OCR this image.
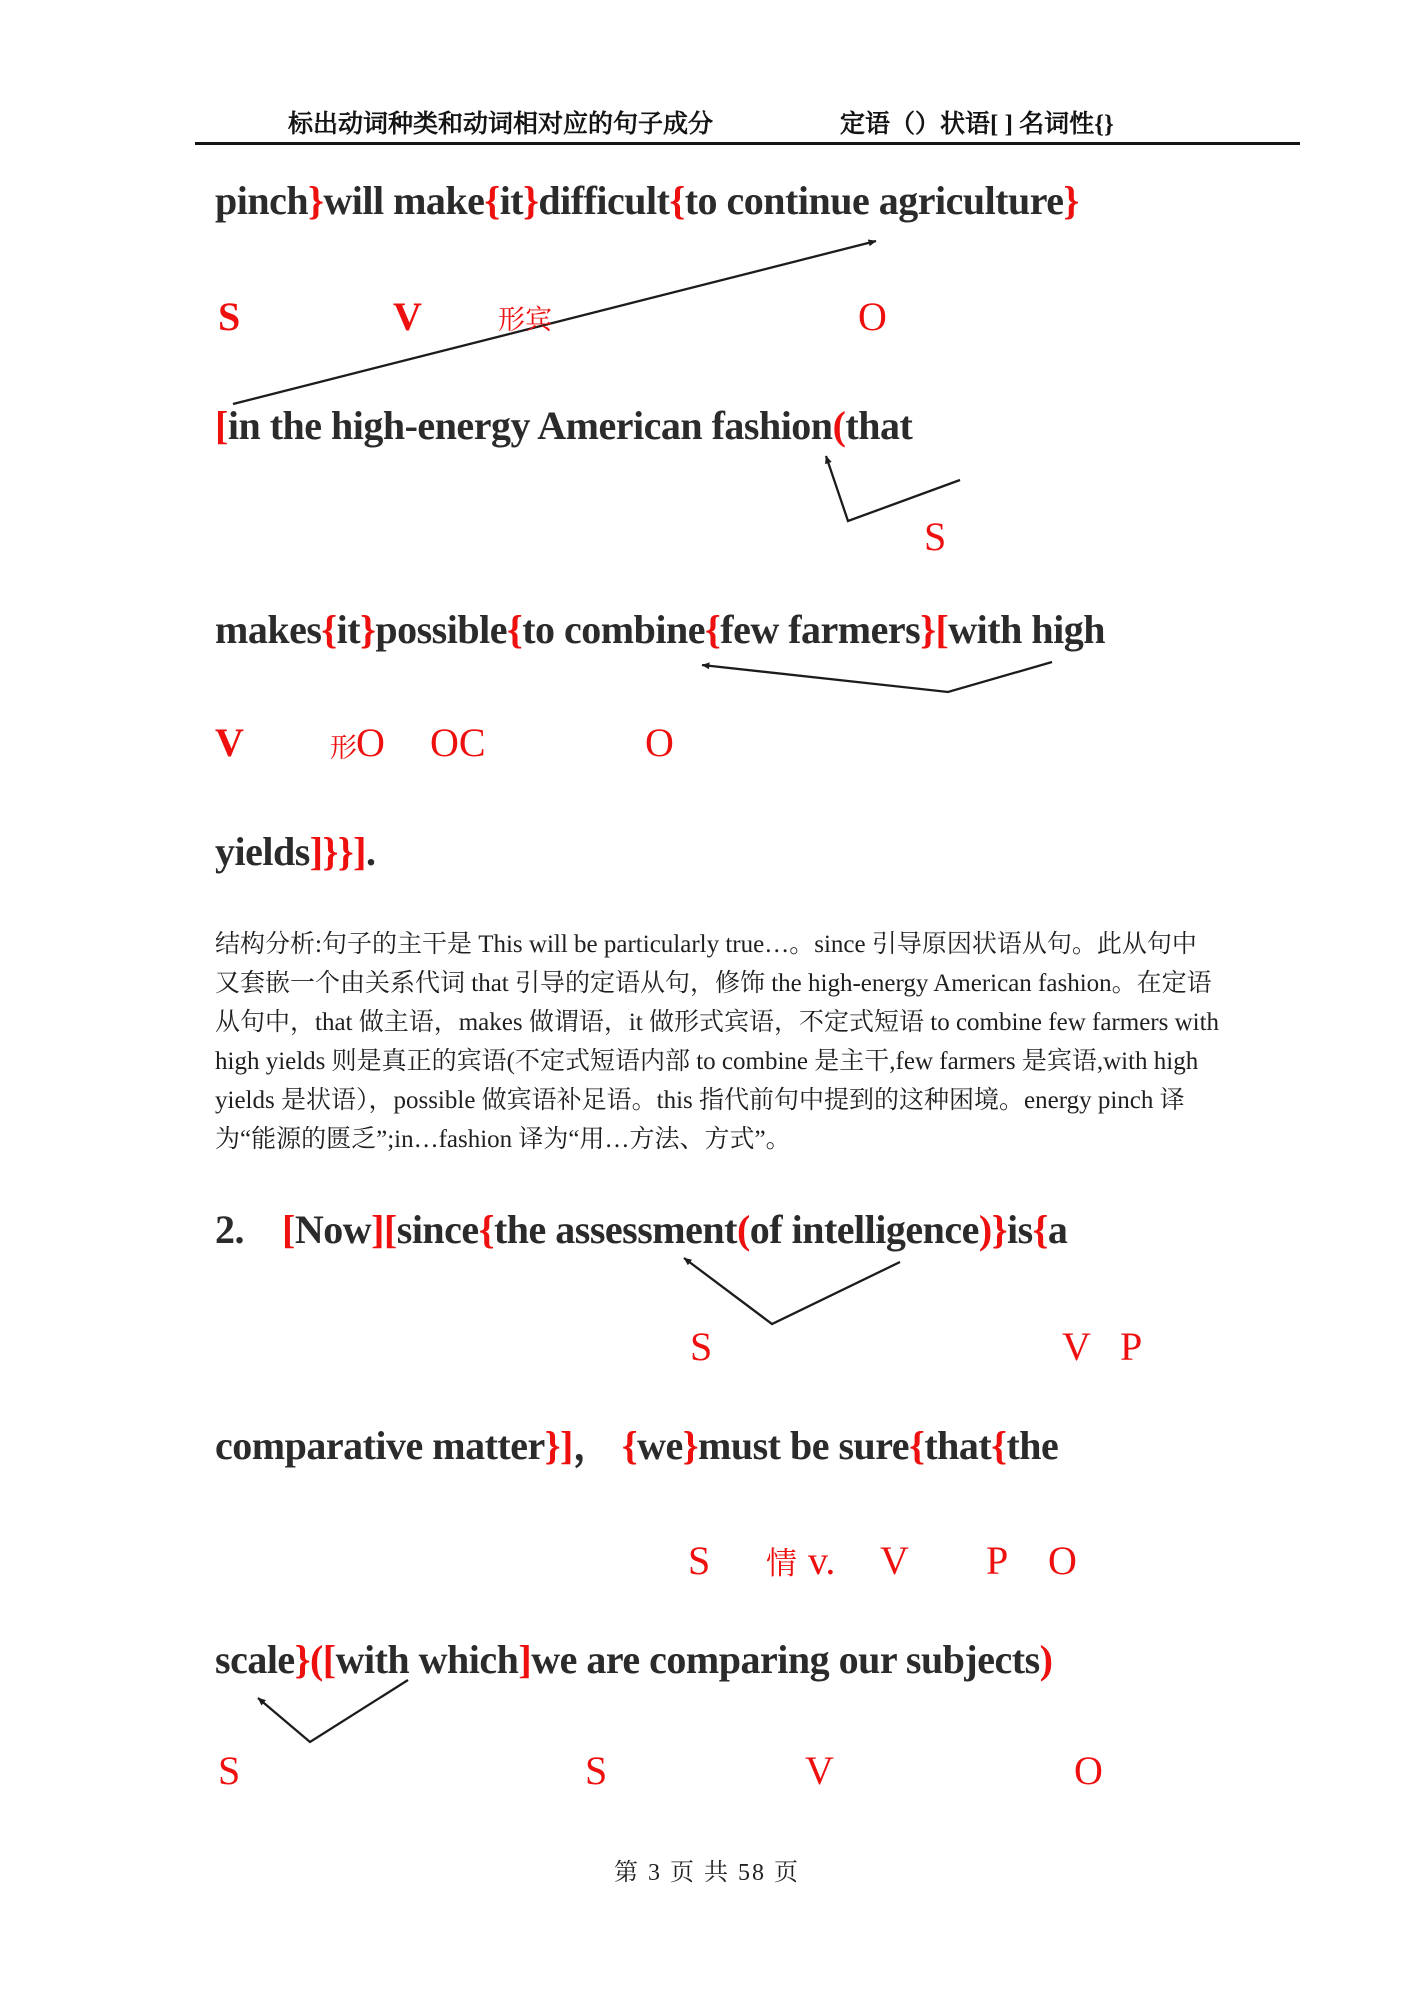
标出动词种类和动词相对应的句子成分	定语（）状语[ ] 名词性{}
pinch}will make{it}difficult{to continue agriculture}
[in the high-energy American fashion(that
makes{it}possible{to combine{few farmers}[with high
yields]}}].
2.    [Now][since{the assessment(of intelligence)}is{a
comparative matter}]， {we}must be sure{that{the
scale}([with which]we are comparing our subjects)
S	V	形宾	O
S
V	形 O OC	O
S	V P
S 情 v. V P O
S	S	V	O
结构分析:句子的主干是 This will be particularly true…。since 引导原因状语从句。此从句中
又套嵌一个由关系代词 that 引导的定语从句，修饰 the high-energy American fashion。在定语
从句中，that 做主语，makes 做谓语，it 做形式宾语，不定式短语 to combine few farmers with
high yields 则是真正的宾语(不定式短语内部 to combine 是主干,few farmers 是宾语,with high
yields 是状语），possible 做宾语补足语。this 指代前句中提到的这种困境。energy pinch 译
为“能源的匮乏”;in…fashion 译为“用…方法、方式”。
第 3 页 共 58 页
